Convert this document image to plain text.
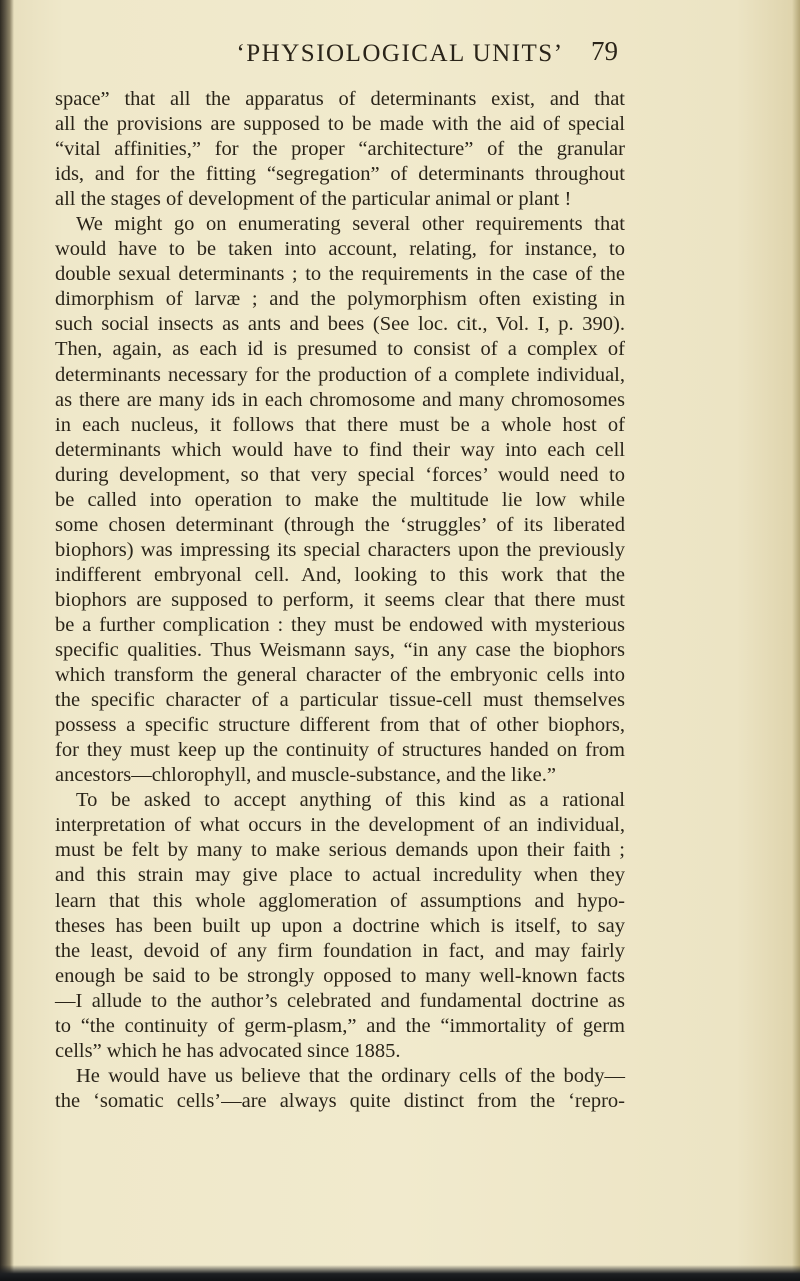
‘PHYSIOLOGICAL UNITS’	79
space” that all the apparatus of determinants exist, and that
all the provisions are supposed to be made with the aid of special
“vital affinities,” for the proper “architecture” of the granular
ids, and for the fitting “segregation” of determinants throughout
all the stages of development of the particular animal or plant !
We might go on enumerating several other requirements that
would have to be taken into account, relating, for instance, to
double sexual determinants ; to the requirements in the case of the
dimorphism of larvæ ; and the polymorphism often existing in
such social insects as ants and bees (See loc. cit., Vol. I, p. 390).
Then, again, as each id is presumed to consist of a complex of
determinants necessary for the production of a complete individual,
as there are many ids in each chromosome and many chromosomes
in each nucleus, it follows that there must be a whole host of
determinants which would have to find their way into each cell
during development, so that very special ‘forces’ would need to
be called into operation to make the multitude lie low while
some chosen determinant (through the ‘struggles’ of its liberated
biophors) was impressing its special characters upon the previously
indifferent embryonal cell. And, looking to this work that the
biophors are supposed to perform, it seems clear that there must
be a further complication : they must be endowed with mysterious
specific qualities. Thus Weismann says, “in any case the biophors
which transform the general character of the embryonic cells into
the specific character of a particular tissue-cell must themselves
possess a specific structure different from that of other biophors,
for they must keep up the continuity of structures handed on from
ancestors—chlorophyll, and muscle-substance, and the like.”
To be asked to accept anything of this kind as a rational
interpretation of what occurs in the development of an individual,
must be felt by many to make serious demands upon their faith ;
and this strain may give place to actual incredulity when they
learn that this whole agglomeration of assumptions and hypo-
theses has been built up upon a doctrine which is itself, to say
the least, devoid of any firm foundation in fact, and may fairly
enough be said to be strongly opposed to many well-known facts
—I allude to the author’s celebrated and fundamental doctrine as
to “the continuity of germ-plasm,” and the “immortality of germ
cells” which he has advocated since 1885.
He would have us believe that the ordinary cells of the body—
the ‘somatic cells’—are always quite distinct from the ‘repro-
